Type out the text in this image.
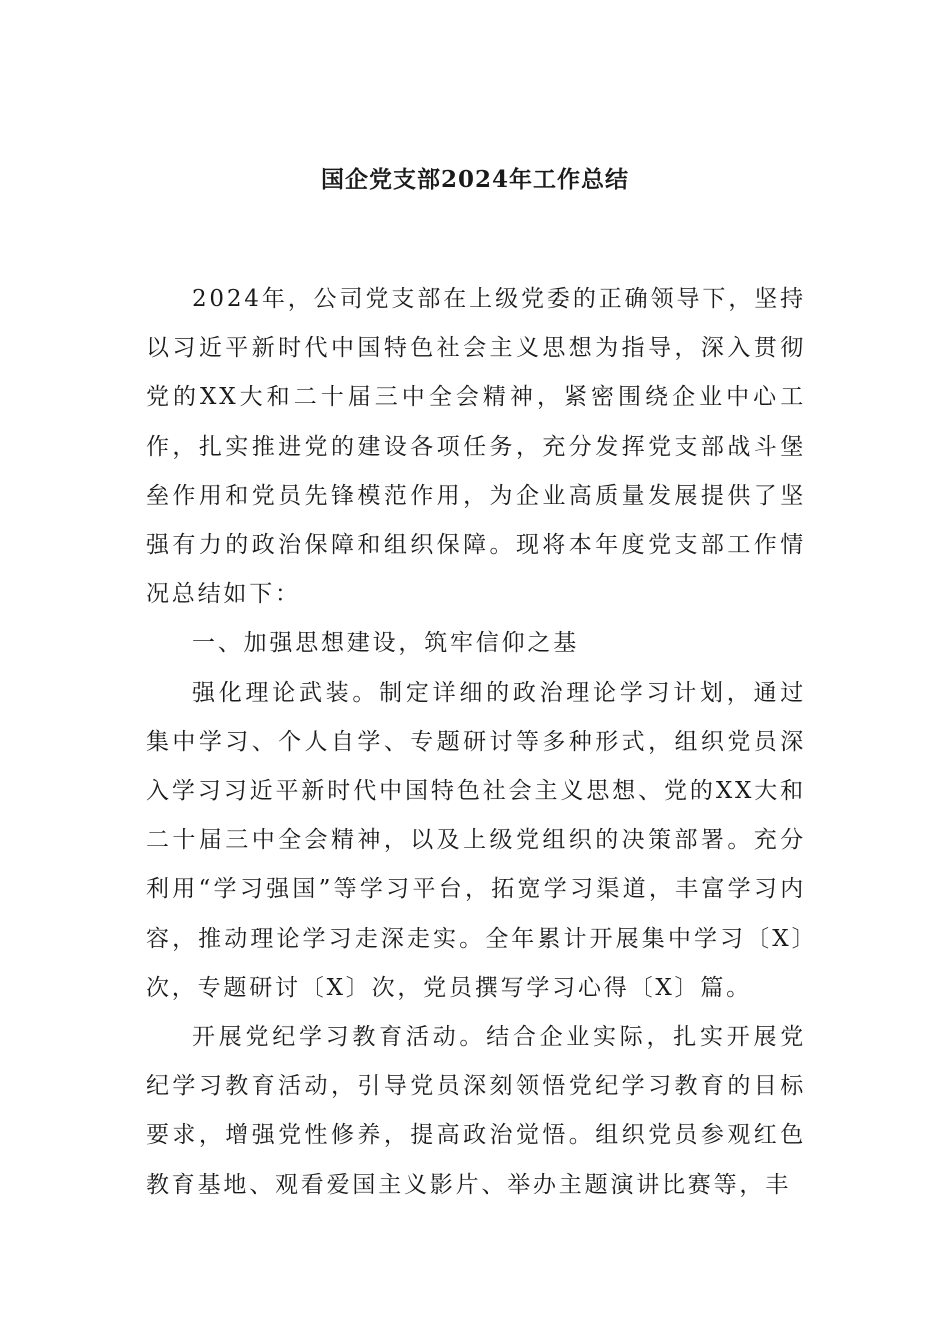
国企党支部2024年工作总结

2024年，公司党支部在上级党委的正确领导下，坚持以习近平新时代中国特色社会主义思想为指导，深入贯彻党的XX大和二十届三中全会精神，紧密围绕企业中心工作，扎实推进党的建设各项任务，充分发挥党支部战斗堡垒作用和党员先锋模范作用，为企业高质量发展提供了坚强有力的政治保障和组织保障。现将本年度党支部工作情况总结如下：

一、加强思想建设，筑牢信仰之基

强化理论武装。制定详细的政治理论学习计划，通过集中学习、个人自学、专题研讨等多种形式，组织党员深入学习习近平新时代中国特色社会主义思想、党的XX大和二十届三中全会精神，以及上级党组织的决策部署。充分利用“学习强国”等学习平台，拓宽学习渠道，丰富学习内容，推动理论学习走深走实。全年累计开展集中学习〔X〕次，专题研讨〔X〕次，党员撰写学习心得〔X〕篇。

开展党纪学习教育活动。结合企业实际，扎实开展党纪学习教育活动，引导党员深刻领悟党纪学习教育的目标要求，增强党性修养，提高政治觉悟。组织党员参观红色教育基地、观看爱国主义影片、举办主题演讲比赛等，丰
